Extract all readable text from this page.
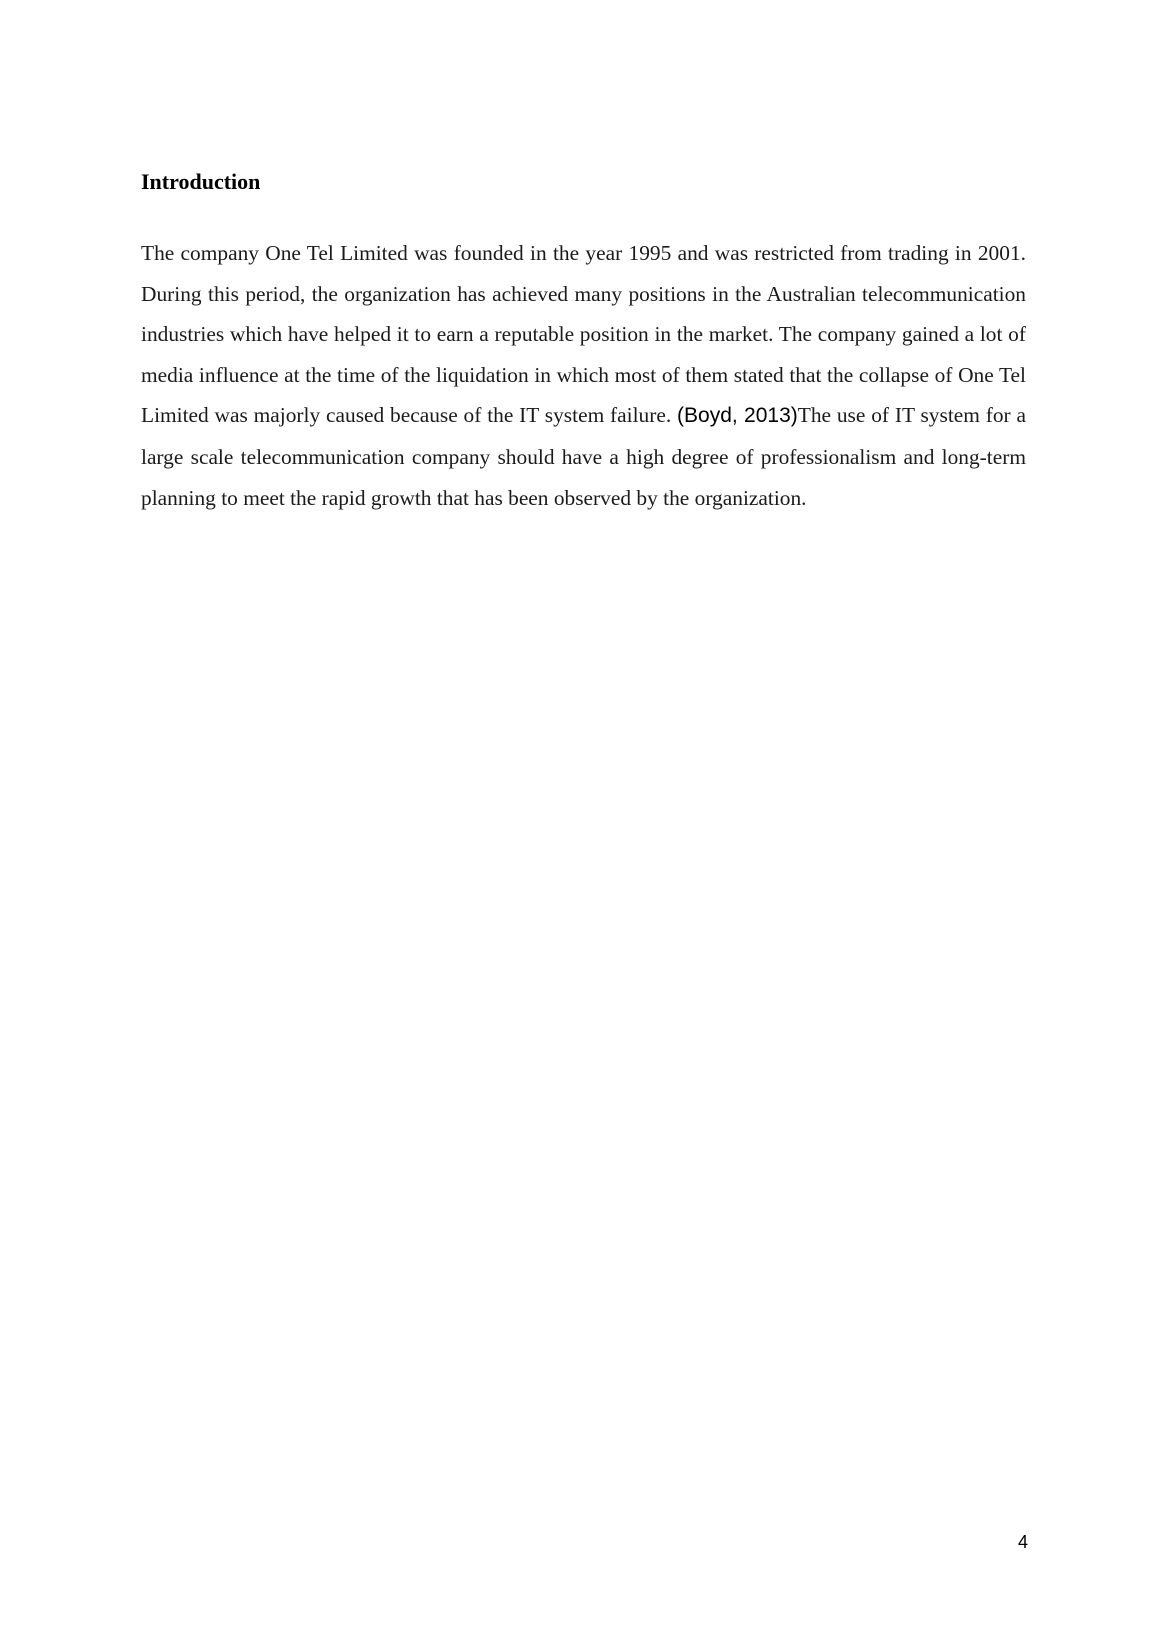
Introduction

The company One Tel Limited was founded in the year 1995 and was restricted from trading in 2001. During this period, the organization has achieved many positions in the Australian telecommunication industries which have helped it to earn a reputable position in the market. The company gained a lot of media influence at the time of the liquidation in which most of them stated that the collapse of One Tel Limited was majorly caused because of the IT system failure. (Boyd, 2013)The use of IT system for a large scale telecommunication company should have a high degree of professionalism and long-term planning to meet the rapid growth that has been observed by the organization.

4
